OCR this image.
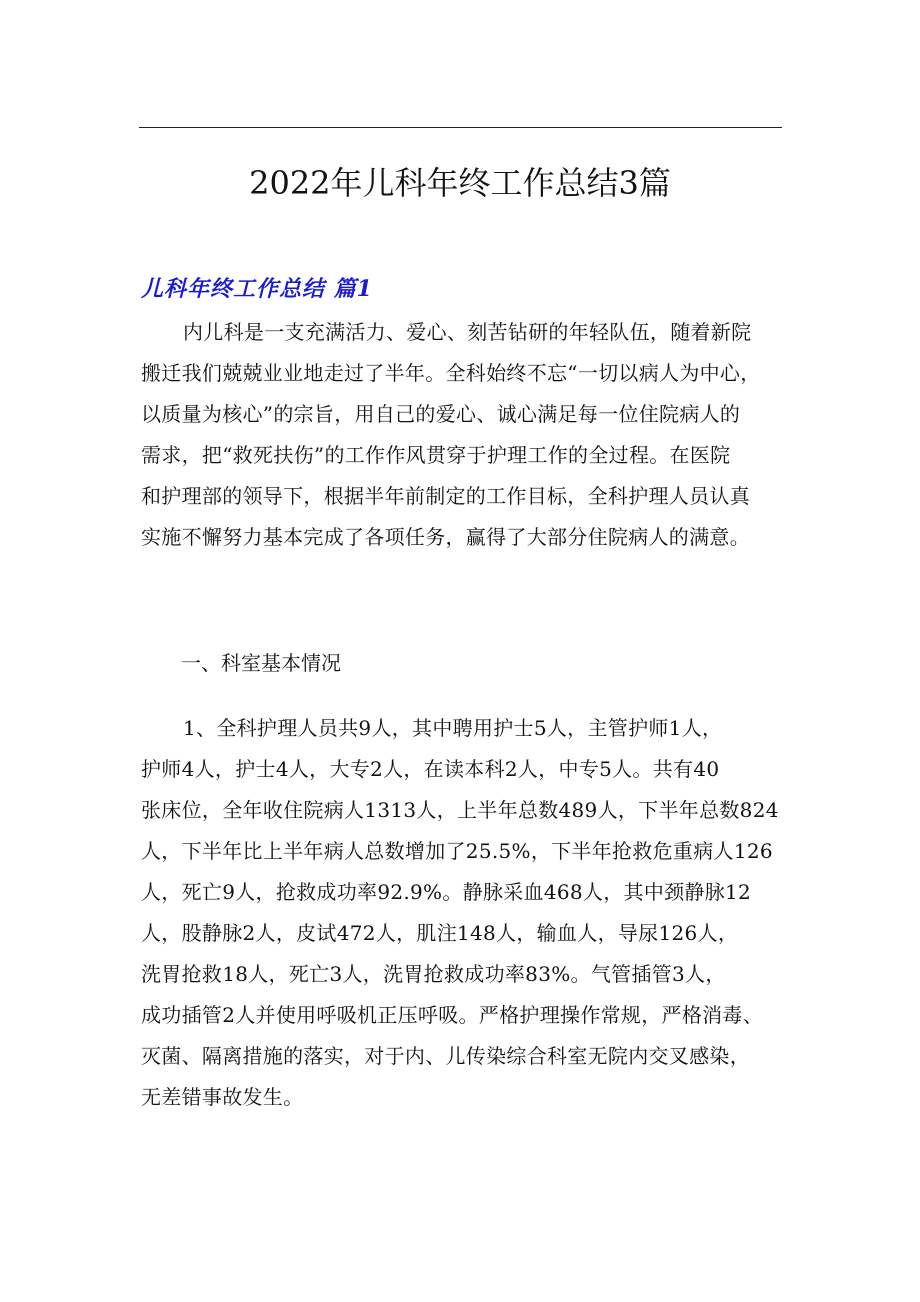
2022年儿科年终工作总结3篇
儿科年终工作总结 篇1
内儿科是一支充满活力、爱心、刻苦钻研的年轻队伍，随着新院
搬迁我们兢兢业业地走过了半年。全科始终不忘“一切以病人为中心，
以质量为核心”的宗旨，用自己的爱心、诚心满足每一位住院病人的
需求，把“救死扶伤”的工作作风贯穿于护理工作的全过程。在医院
和护理部的领导下，根据半年前制定的工作目标，全科护理人员认真
实施不懈努力基本完成了各项任务，赢得了大部分住院病人的满意。

一、科室基本情况

1、全科护理人员共9人，其中聘用护士5人，主管护师1人，
护师4人，护士4人，大专2人，在读本科2人，中专5人。共有40
张床位，全年收住院病人1313人，上半年总数489人，下半年总数824
人，下半年比上半年病人总数增加了25.5%，下半年抢救危重病人126
人，死亡9人，抢救成功率92.9%。静脉采血468人，其中颈静脉12
人，股静脉2人，皮试472人，肌注148人，输血人，导尿126人，
洗胃抢救18人，死亡3人，洗胃抢救成功率83%。气管插管3人，
成功插管2人并使用呼吸机正压呼吸。严格护理操作常规，严格消毒、
灭菌、隔离措施的落实，对于内、儿传染综合科室无院内交叉感染，
无差错事故发生。
